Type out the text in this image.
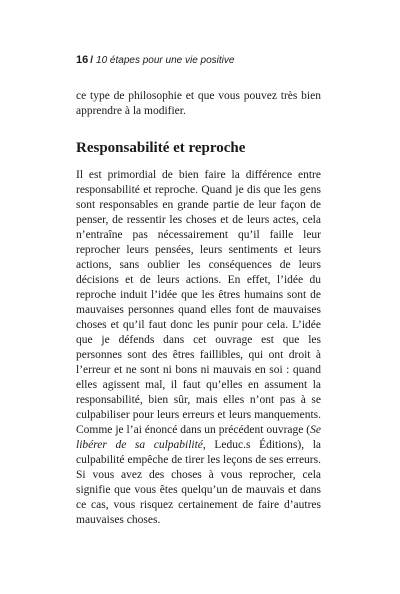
16 / 10 étapes pour une vie positive

ce type de philosophie et que vous pouvez très bien apprendre à la modifier.

Responsabilité et reproche

Il est primordial de bien faire la différence entre responsabilité et reproche. Quand je dis que les gens sont responsables en grande partie de leur façon de penser, de ressentir les choses et de leurs actes, cela n’entraîne pas nécessairement qu’il faille leur reprocher leurs pensées, leurs sentiments et leurs actions, sans oublier les conséquences de leurs décisions et de leurs actions. En effet, l’idée du reproche induit l’idée que les êtres humains sont de mauvaises personnes quand elles font de mauvaises choses et qu’il faut donc les punir pour cela. L’idée que je défends dans cet ouvrage est que les personnes sont des êtres faillibles, qui ont droit à l’erreur et ne sont ni bons ni mauvais en soi : quand elles agissent mal, il faut qu’elles en assument la responsabilité, bien sûr, mais elles n’ont pas à se culpabiliser pour leurs erreurs et leurs manquements. Comme je l’ai énoncé dans un précédent ouvrage (Se libérer de sa culpabilité, Leduc.s Éditions), la culpabilité empêche de tirer les leçons de ses erreurs. Si vous avez des choses à vous reprocher, cela signifie que vous êtes quelqu’un de mauvais et dans ce cas, vous risquez certainement de faire d’autres mauvaises choses.
